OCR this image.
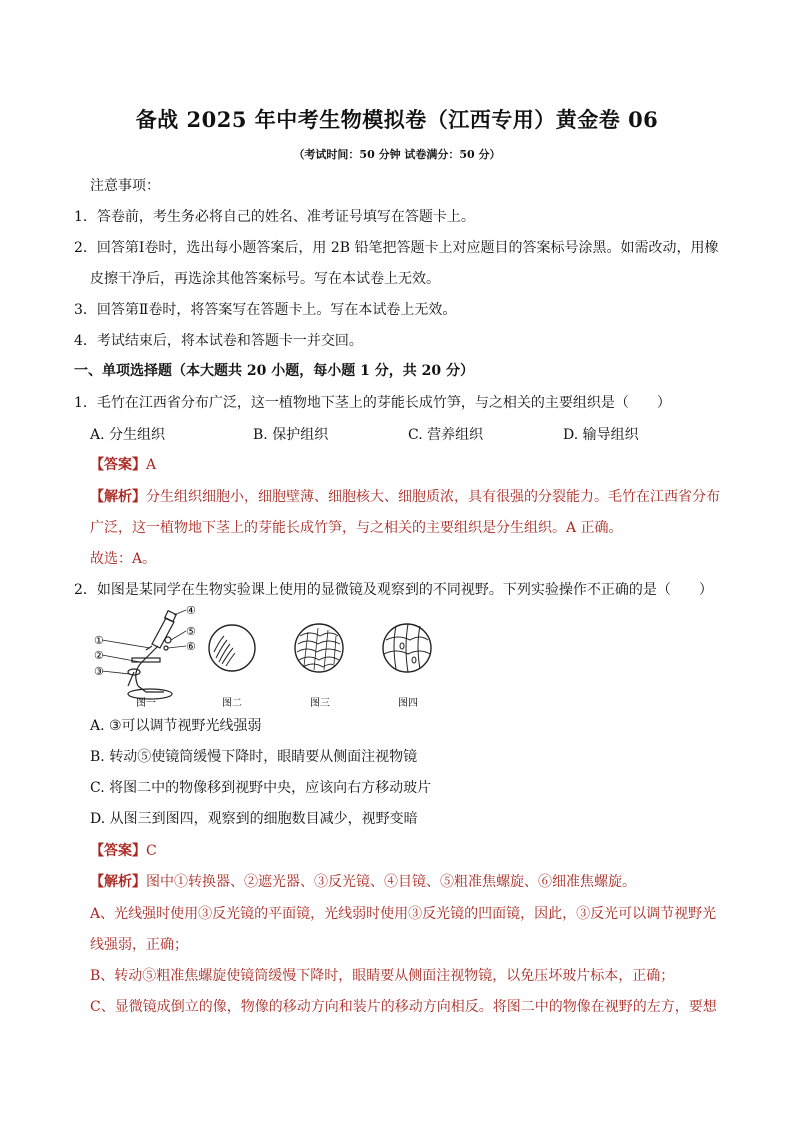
备战 2025 年中考生物模拟卷（江西专用）黄金卷 06
（考试时间：50 分钟 试卷满分：50 分）
注意事项：
1．答卷前，考生务必将自己的姓名、准考证号填写在答题卡上。
2．回答第Ⅰ卷时，选出每小题答案后，用 2B 铅笔把答题卡上对应题目的答案标号涂黑。如需改动，用橡
皮擦干净后，再选涂其他答案标号。写在本试卷上无效。
3．回答第Ⅱ卷时，将答案写在答题卡上。写在本试卷上无效。
4．考试结束后，将本试卷和答题卡一并交回。
一、单项选择题（本大题共 20 小题，每小题 1 分，共 20 分）
1．毛竹在江西省分布广泛，这一植物地下茎上的芽能长成竹笋，与之相关的主要组织是（　　）
A. 分生组织	B. 保护组织	C. 营养组织	D. 输导组织
【答案】A
【解析】分生组织细胞小，细胞壁薄、细胞核大、细胞质浓，具有很强的分裂能力。毛竹在江西省分布
广泛，这一植物地下茎上的芽能长成竹笋，与之相关的主要组织是分生组织。A 正确。
故选：A。
2．如图是某同学在生物实验课上使用的显微镜及观察到的不同视野。下列实验操作不正确的是（　　）
①
②
③
④
⑤
⑥
图一	图二	图三	图四
A. ③可以调节视野光线强弱
B. 转动⑤使镜筒缓慢下降时，眼睛要从侧面注视物镜
C. 将图二中的物像移到视野中央，应该向右方移动玻片
D. 从图三到图四，观察到的细胞数目减少，视野变暗
【答案】C
【解析】图中①转换器、②遮光器、③反光镜、④目镜、⑤粗准焦螺旋、⑥细准焦螺旋。
A、光线强时使用③反光镜的平面镜，光线弱时使用③反光镜的凹面镜，因此，③反光可以调节视野光
线强弱，正确；
B、转动⑤粗准焦螺旋使镜筒缓慢下降时，眼睛要从侧面注视物镜，以免压坏玻片标本，正确；
C、显微镜成倒立的像，物像的移动方向和装片的移动方向相反。将图二中的物像在视野的左方，要想
